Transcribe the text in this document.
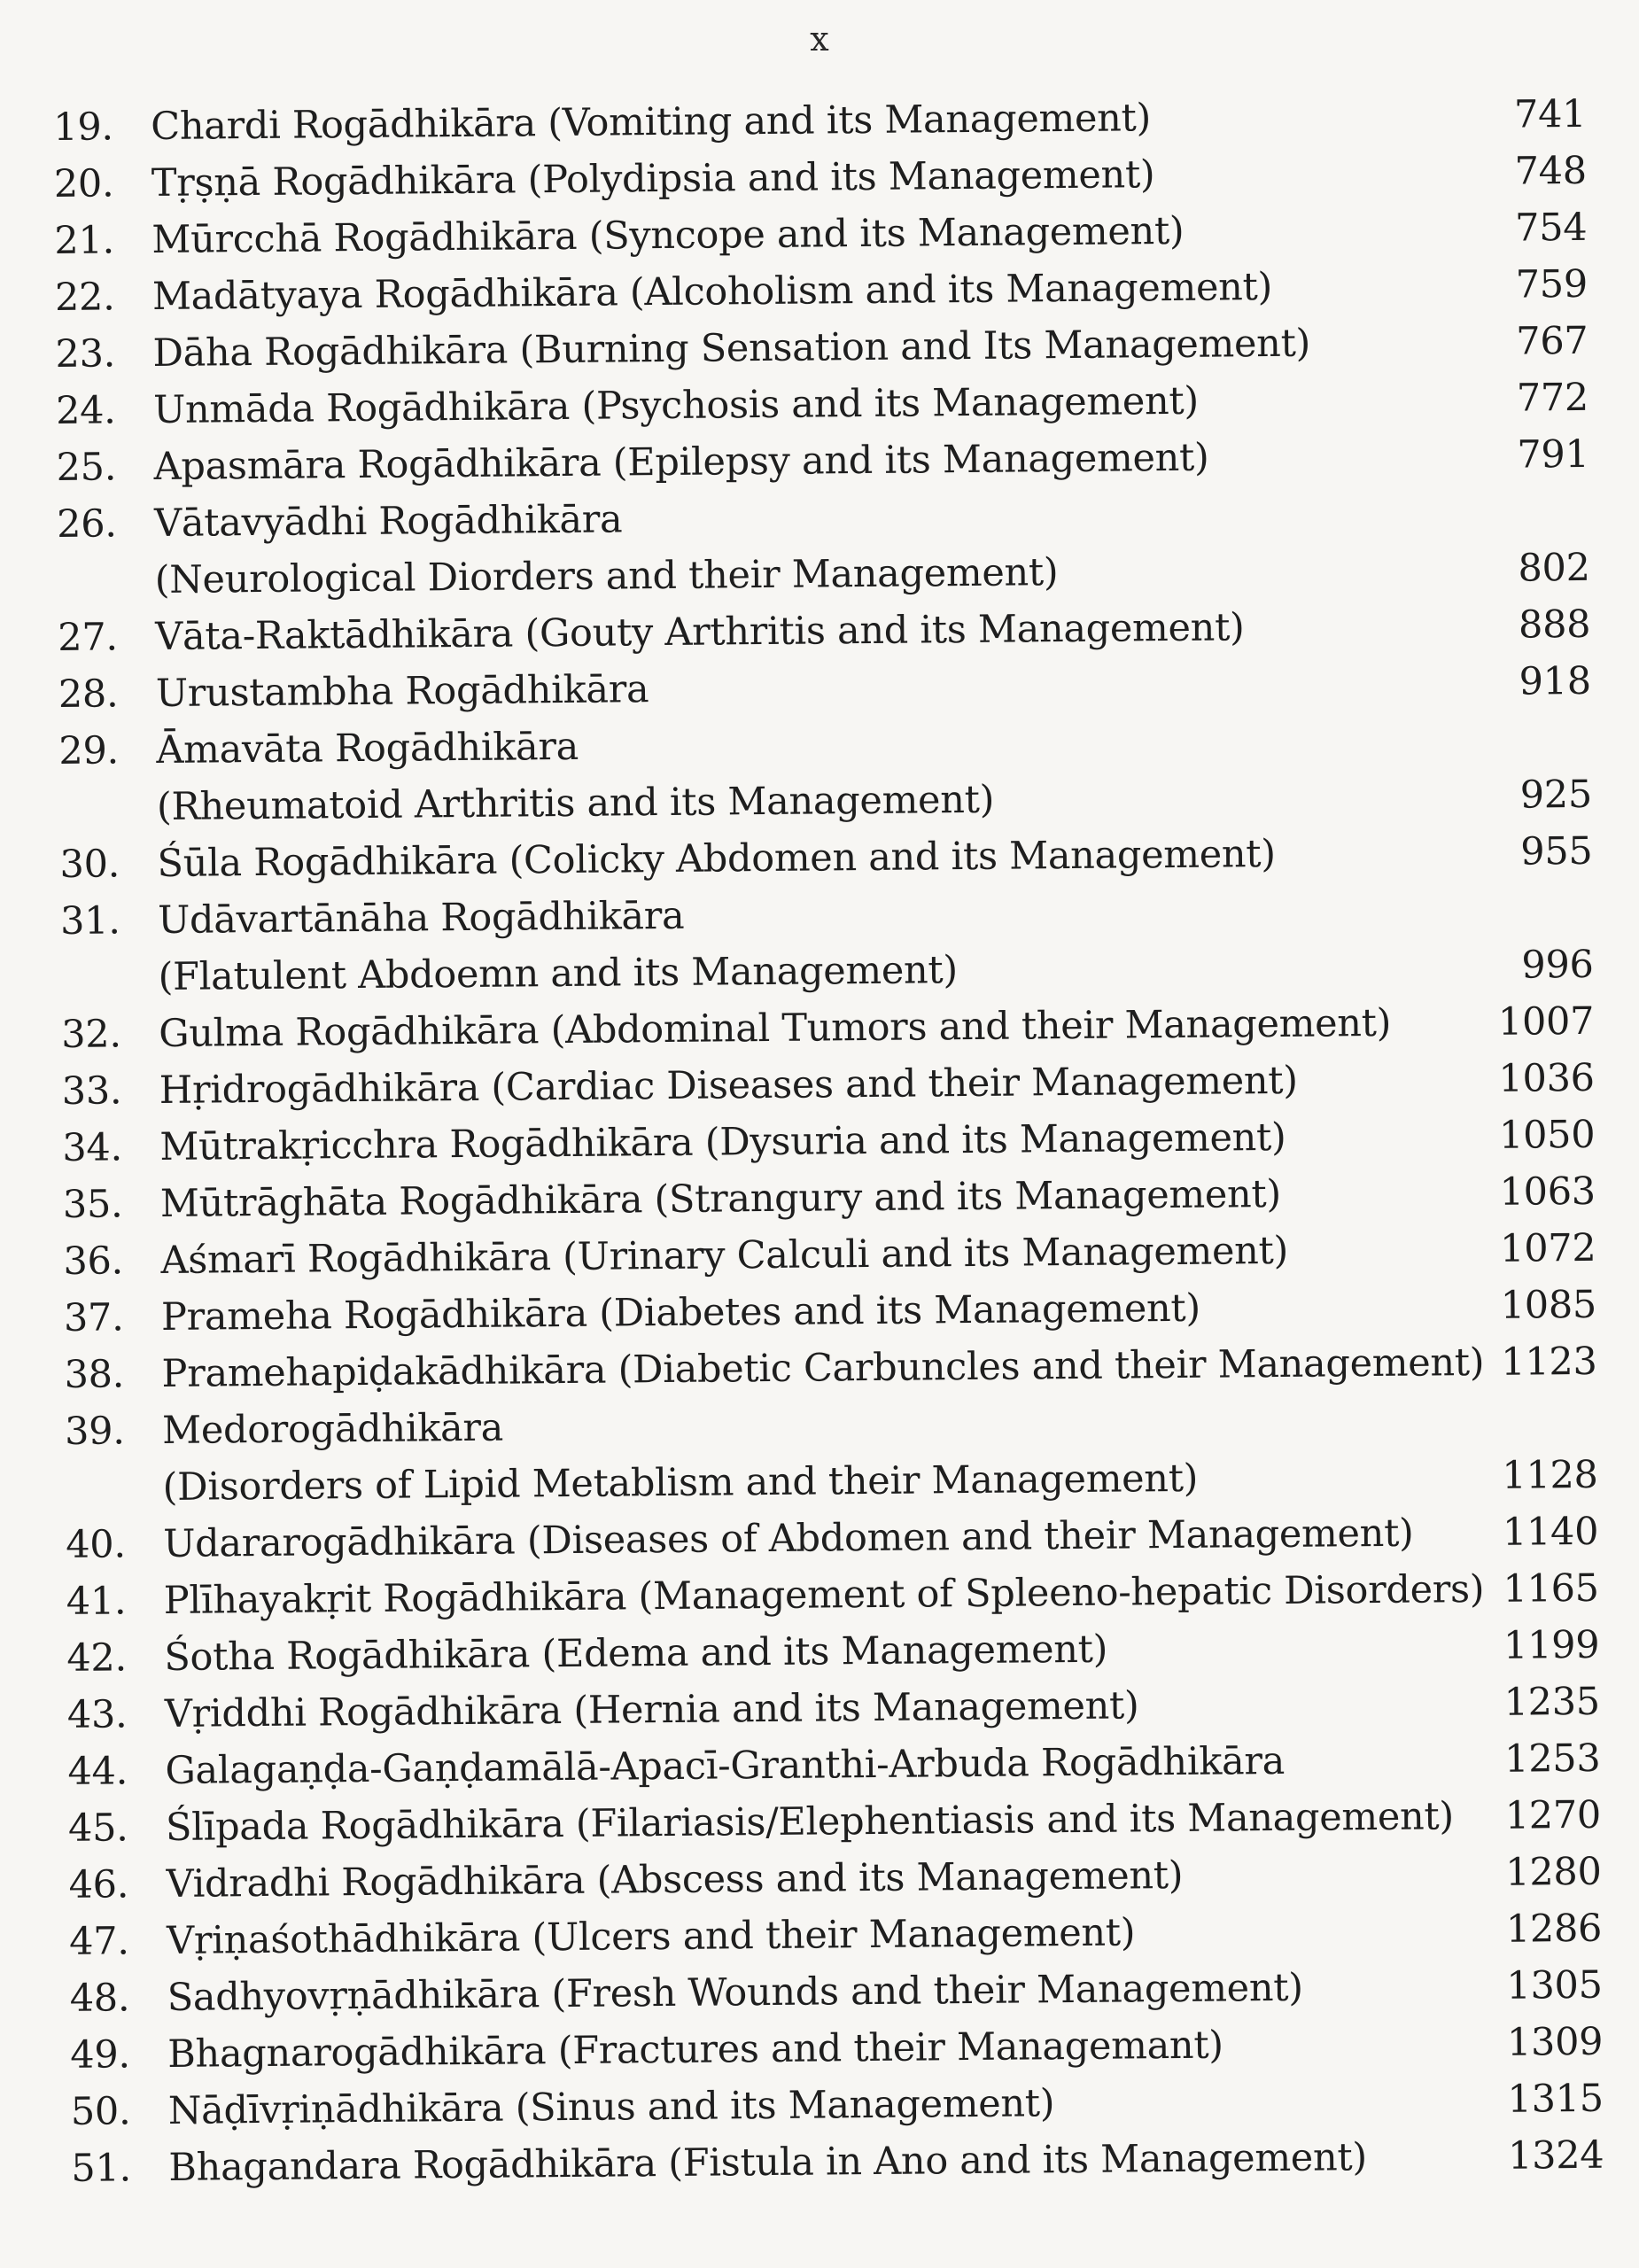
x
19. Chardi Rogādhikāra (Vomiting and its Management)	741
20. Tṛṣṇā Rogādhikāra (Polydipsia and its Management)	748
21. Mūrcchā Rogādhikāra (Syncope and its Management)	754
22. Madātyaya Rogādhikāra (Alcoholism and its Management)	759
23. Dāha Rogādhikāra (Burning Sensation and Its Management)	767
24. Unmāda Rogādhikāra (Psychosis and its Management)	772
25. Apasmāra Rogādhikāra (Epilepsy and its Management)	791
26. Vātavyādhi Rogādhikāra
(Neurological Diorders and their Management)	802
27. Vāta-Raktādhikāra (Gouty Arthritis and its Management)	888
28. Urustambha Rogādhikāra	918
29. Āmavāta Rogādhikāra
(Rheumatoid Arthritis and its Management)	925
30. Śūla Rogādhikāra (Colicky Abdomen and its Management)	955
31. Udāvartānāha Rogādhikāra
(Flatulent Abdoemn and its Management)	996
32. Gulma Rogādhikāra (Abdominal Tumors and their Management)	1007
33. Hṛidrogādhikāra (Cardiac Diseases and their Management)	1036
34. Mūtrakṛicchra Rogādhikāra (Dysuria and its Management)	1050
35. Mūtrāghāta Rogādhikāra (Strangury and its Management)	1063
36. Aśmarī Rogādhikāra (Urinary Calculi and its Management)	1072
37. Prameha Rogādhikāra (Diabetes and its Management)	1085
38. Pramehapiḍakādhikāra (Diabetic Carbuncles and their Management) 1123
39. Medorogādhikāra
(Disorders of Lipid Metablism and their Management)	1128
40. Udararogādhikāra (Diseases of Abdomen and their Management)	1140
41. Plīhayakṛit Rogādhikāra (Management of Spleeno-hepatic Disorders) 1165
42. Śotha Rogādhikāra (Edema and its Management)	1199
43. Vṛiddhi Rogādhikāra (Hernia and its Management)	1235
44. Galagaṇḍa-Gaṇḍamālā-Apacī-Granthi-Arbuda Rogādhikāra	1253
45. Ślīpada Rogādhikāra (Filariasis/Elephentiasis and its Management)	1270
46. Vidradhi Rogādhikāra (Abscess and its Management)	1280
47. Vṛiṇaśothādhikāra (Ulcers and their Management)	1286
48. Sadhyovṛṇādhikāra (Fresh Wounds and their Management)	1305
49. Bhagnarogādhikāra (Fractures and their Managemant)	1309
50. Nāḍīvṛiṇādhikāra (Sinus and its Management)	1315
51. Bhagandara Rogādhikāra (Fistula in Ano and its Management)	1324
